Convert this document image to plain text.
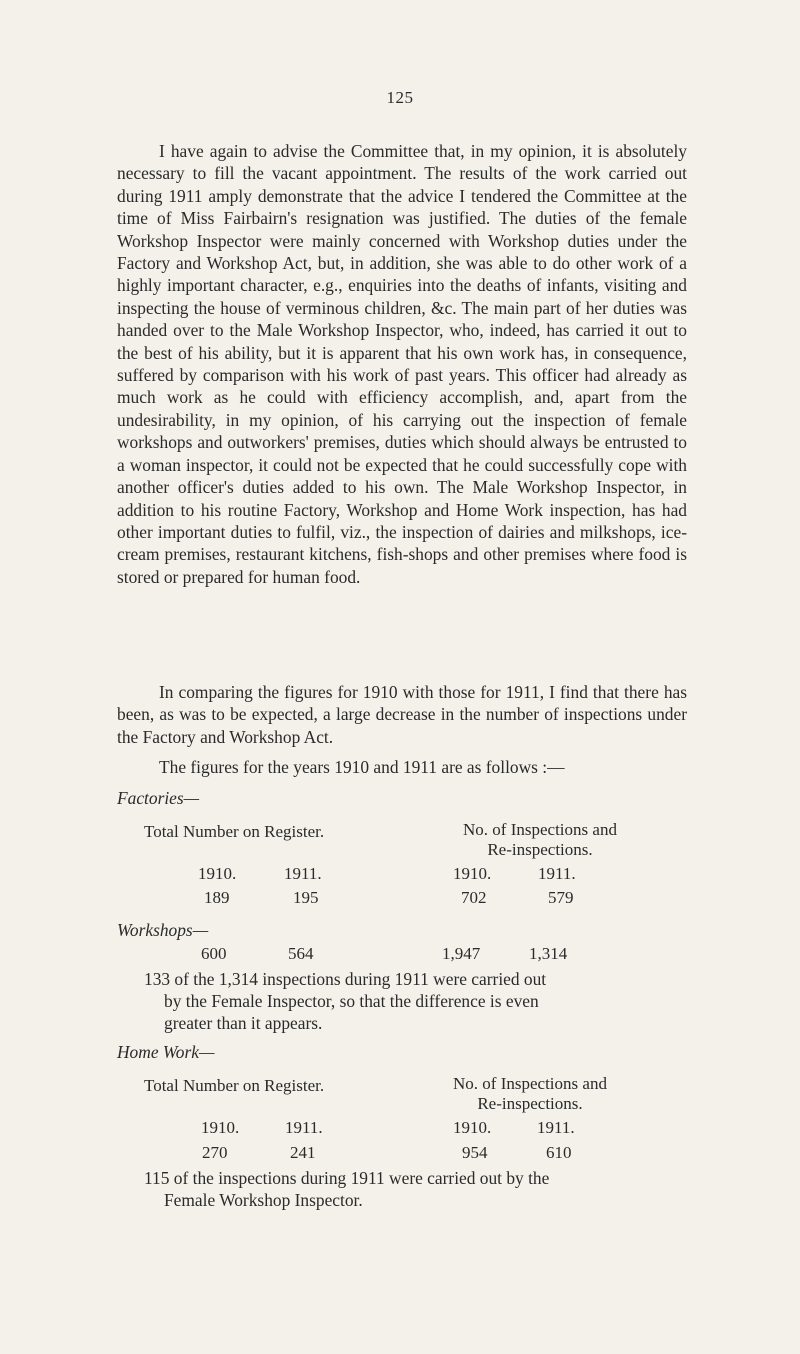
125

I have again to advise the Committee that, in my opinion, it is absolutely necessary to fill the vacant appointment. The results of the work carried out during 1911 amply demonstrate that the advice I tendered the Committee at the time of Miss Fairbairn's resignation was justified. The duties of the female Workshop Inspector were mainly concerned with Workshop duties under the Factory and Workshop Act, but, in addition, she was able to do other work of a highly important character, e.g., enquiries into the deaths of infants, visiting and inspecting the house of verminous children, &c. The main part of her duties was handed over to the Male Workshop Inspector, who, indeed, has carried it out to the best of his ability, but it is apparent that his own work has, in consequence, suffered by comparison with his work of past years. This officer had already as much work as he could with efficiency accomplish, and, apart from the undesirability, in my opinion, of his carrying out the inspection of female workshops and outworkers' premises, duties which should always be entrusted to a woman inspector, it could not be expected that he could successfully cope with another officer's duties added to his own. The Male Workshop Inspector, in addition to his routine Factory, Workshop and Home Work inspection, has had other important duties to fulfil, viz., the inspection of dairies and milkshops, ice-cream premises, restaurant kitchens, fish-shops and other premises where food is stored or prepared for human food.

In comparing the figures for 1910 with those for 1911, I find that there has been, as was to be expected, a large decrease in the number of inspections under the Factory and Workshop Act.

The figures for the years 1910 and 1911 are as follows :—

Factories—

Total Number on Register.	No. of Inspections and
Re-inspections.
1910.	1911.	1910.	1911.
189	195	702	579

Workshops—

600	564	1,947	1,314
133 of the 1,314 inspections during 1911 were carried out
by the Female Inspector, so that the difference is even
greater than it appears.

Home Work—

Total Number on Register.	No. of Inspections and
Re-inspections.
1910.	1911.	1910.	1911.
270	241	954	610
115 of the inspections during 1911 were carried out by the
Female Workshop Inspector.
